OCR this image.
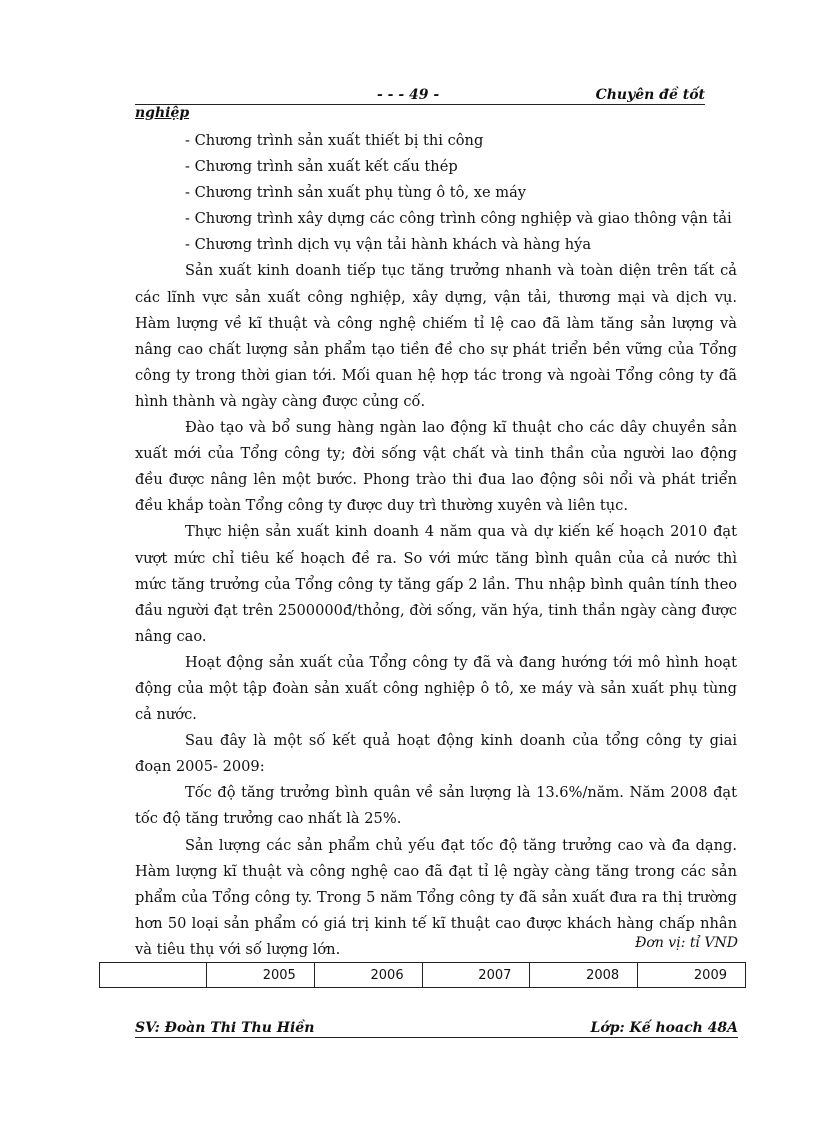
- - - 49 -	Chuyên đề tốt
nghiệp
- Chương trình sản xuất thiết bị thi công
- Chương trình sản xuất kết cấu thép
- Chương trình sản xuất phụ tùng ô tô, xe máy
- Chương trình xây dựng các công trình công nghiệp và giao thông vận tải
- Chương trình dịch vụ vận tải hành khách và hàng hýa

Sản xuất kinh doanh tiếp tục tăng trưởng nhanh và toàn diện trên tất cả các lĩnh vực sản xuất công nghiệp, xây dựng, vận tải, thương mại và dịch vụ. Hàm lượng về kĩ thuật và công nghệ chiếm tỉ lệ cao đã làm tăng sản lượng và nâng cao chất lượng sản phẩm tạo tiền đề cho sự phát triển bền vững của Tổng công ty trong thời gian tới. Mối quan hệ hợp tác trong và ngoài Tổng công ty đã hình thành và ngày càng được củng cố.

Đào tạo và bổ sung hàng ngàn lao động kĩ thuật cho các dây chuyền sản xuất mới của Tổng công ty; đời sống vật chất và tinh thần của người lao động đều được nâng lên một bước. Phong trào thi đua lao động sôi nổi và phát triển đều khắp toàn Tổng công ty được duy trì thường xuyên và liên tục.

Thực hiện sản xuất kinh doanh 4 năm qua và dự kiến kế hoạch 2010 đạt vượt mức chỉ tiêu kế hoạch đề ra. So với mức tăng bình quân của cả nước thì mức tăng trưởng của Tổng công ty tăng gấp 2 lần. Thu nhập bình quân tính theo đầu người đạt trên 2500000đ/thỏng, đời sống, văn hýa, tinh thần ngày càng được nâng cao.

Hoạt động sản xuất của Tổng công ty đã và đang hướng tới mô hình hoạt động của một tập đoàn sản xuất công nghiệp ô tô, xe máy và sản xuất phụ tùng cả nước.

Sau đây là một số kết quả hoạt động kinh doanh của tổng công ty giai đoạn 2005- 2009:

Tốc độ tăng trưởng bình quân về sản lượng là 13.6%/năm. Năm 2008 đạt tốc độ tăng trưởng cao nhất là 25%.

Sản lượng các sản phẩm chủ yếu đạt tốc độ tăng trưởng cao và đa dạng. Hàm lượng kĩ thuật và công nghệ cao đã đạt tỉ lệ ngày càng tăng trong các sản phẩm của Tổng công ty. Trong 5 năm Tổng công ty đã sản xuất đưa ra thị trường hơn 50 loại sản phẩm có giá trị kinh tế kĩ thuật cao được khách hàng chấp nhân và tiêu thụ với số lượng lớn.	Đơn vị: tỉ VND
	2005	2006	2007	2008	2009
SV: Đoàn Thi Thu Hiền	Lớp: Kế hoach 48A
